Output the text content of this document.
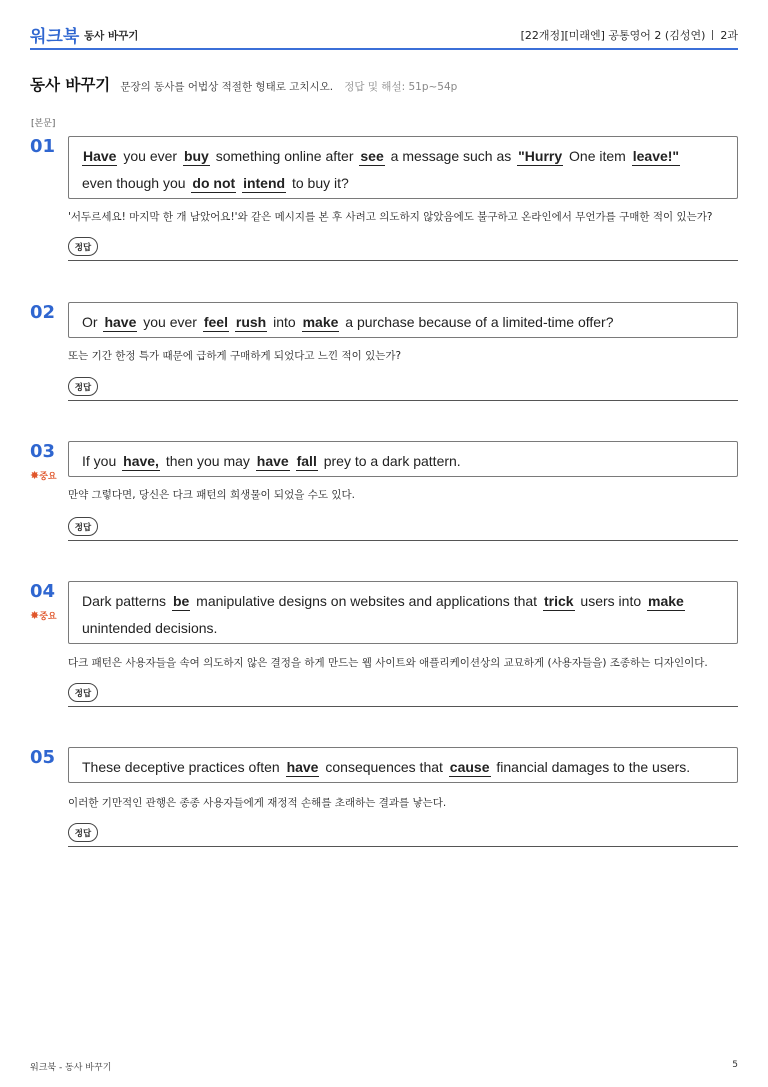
워크북 동사 바꾸기	[22개정][미래엔] 공통영어 2 (김성연) 2과
동사 바꾸기 문장의 동사를 어법상 적절한 형태로 고치시오. 정답 및 해설: 51p~54p
[본문]
01	Have you ever buy something online after see a message such as "Hurry One item leave!" even though you do not intend to buy it?
'서두르세요! 마지막 한 개 남았어요!'와 같은 메시지를 본 후 사려고 의도하지 않았음에도 불구하고 온라인에서 무언가를 구매한 적이 있는가?
정답
02	Or have you ever feel rush into make a purchase because of a limited-time offer?
또는 기간 한정 특가 때문에 급하게 구매하게 되었다고 느낀 적이 있는가?
정답
03
✸중요
If you have, then you may have fall prey to a dark pattern.
만약 그렇다면, 당신은 다크 패턴의 희생물이 되었을 수도 있다.
정답
04
✸중요
Dark patterns be manipulative designs on websites and applications that trick users into make unintended decisions.
다크 패턴은 사용자들을 속여 의도하지 않은 결정을 하게 만드는 웹 사이트와 애플리케이션상의 교묘하게 (사용자들을) 조종하는 디자인이다.
정답
05	These deceptive practices often have consequences that cause financial damages to the users.
이러한 기만적인 관행은 종종 사용자들에게 재정적 손해를 초래하는 결과를 낳는다.
정답
워크북 - 동사 바꾸기	5
